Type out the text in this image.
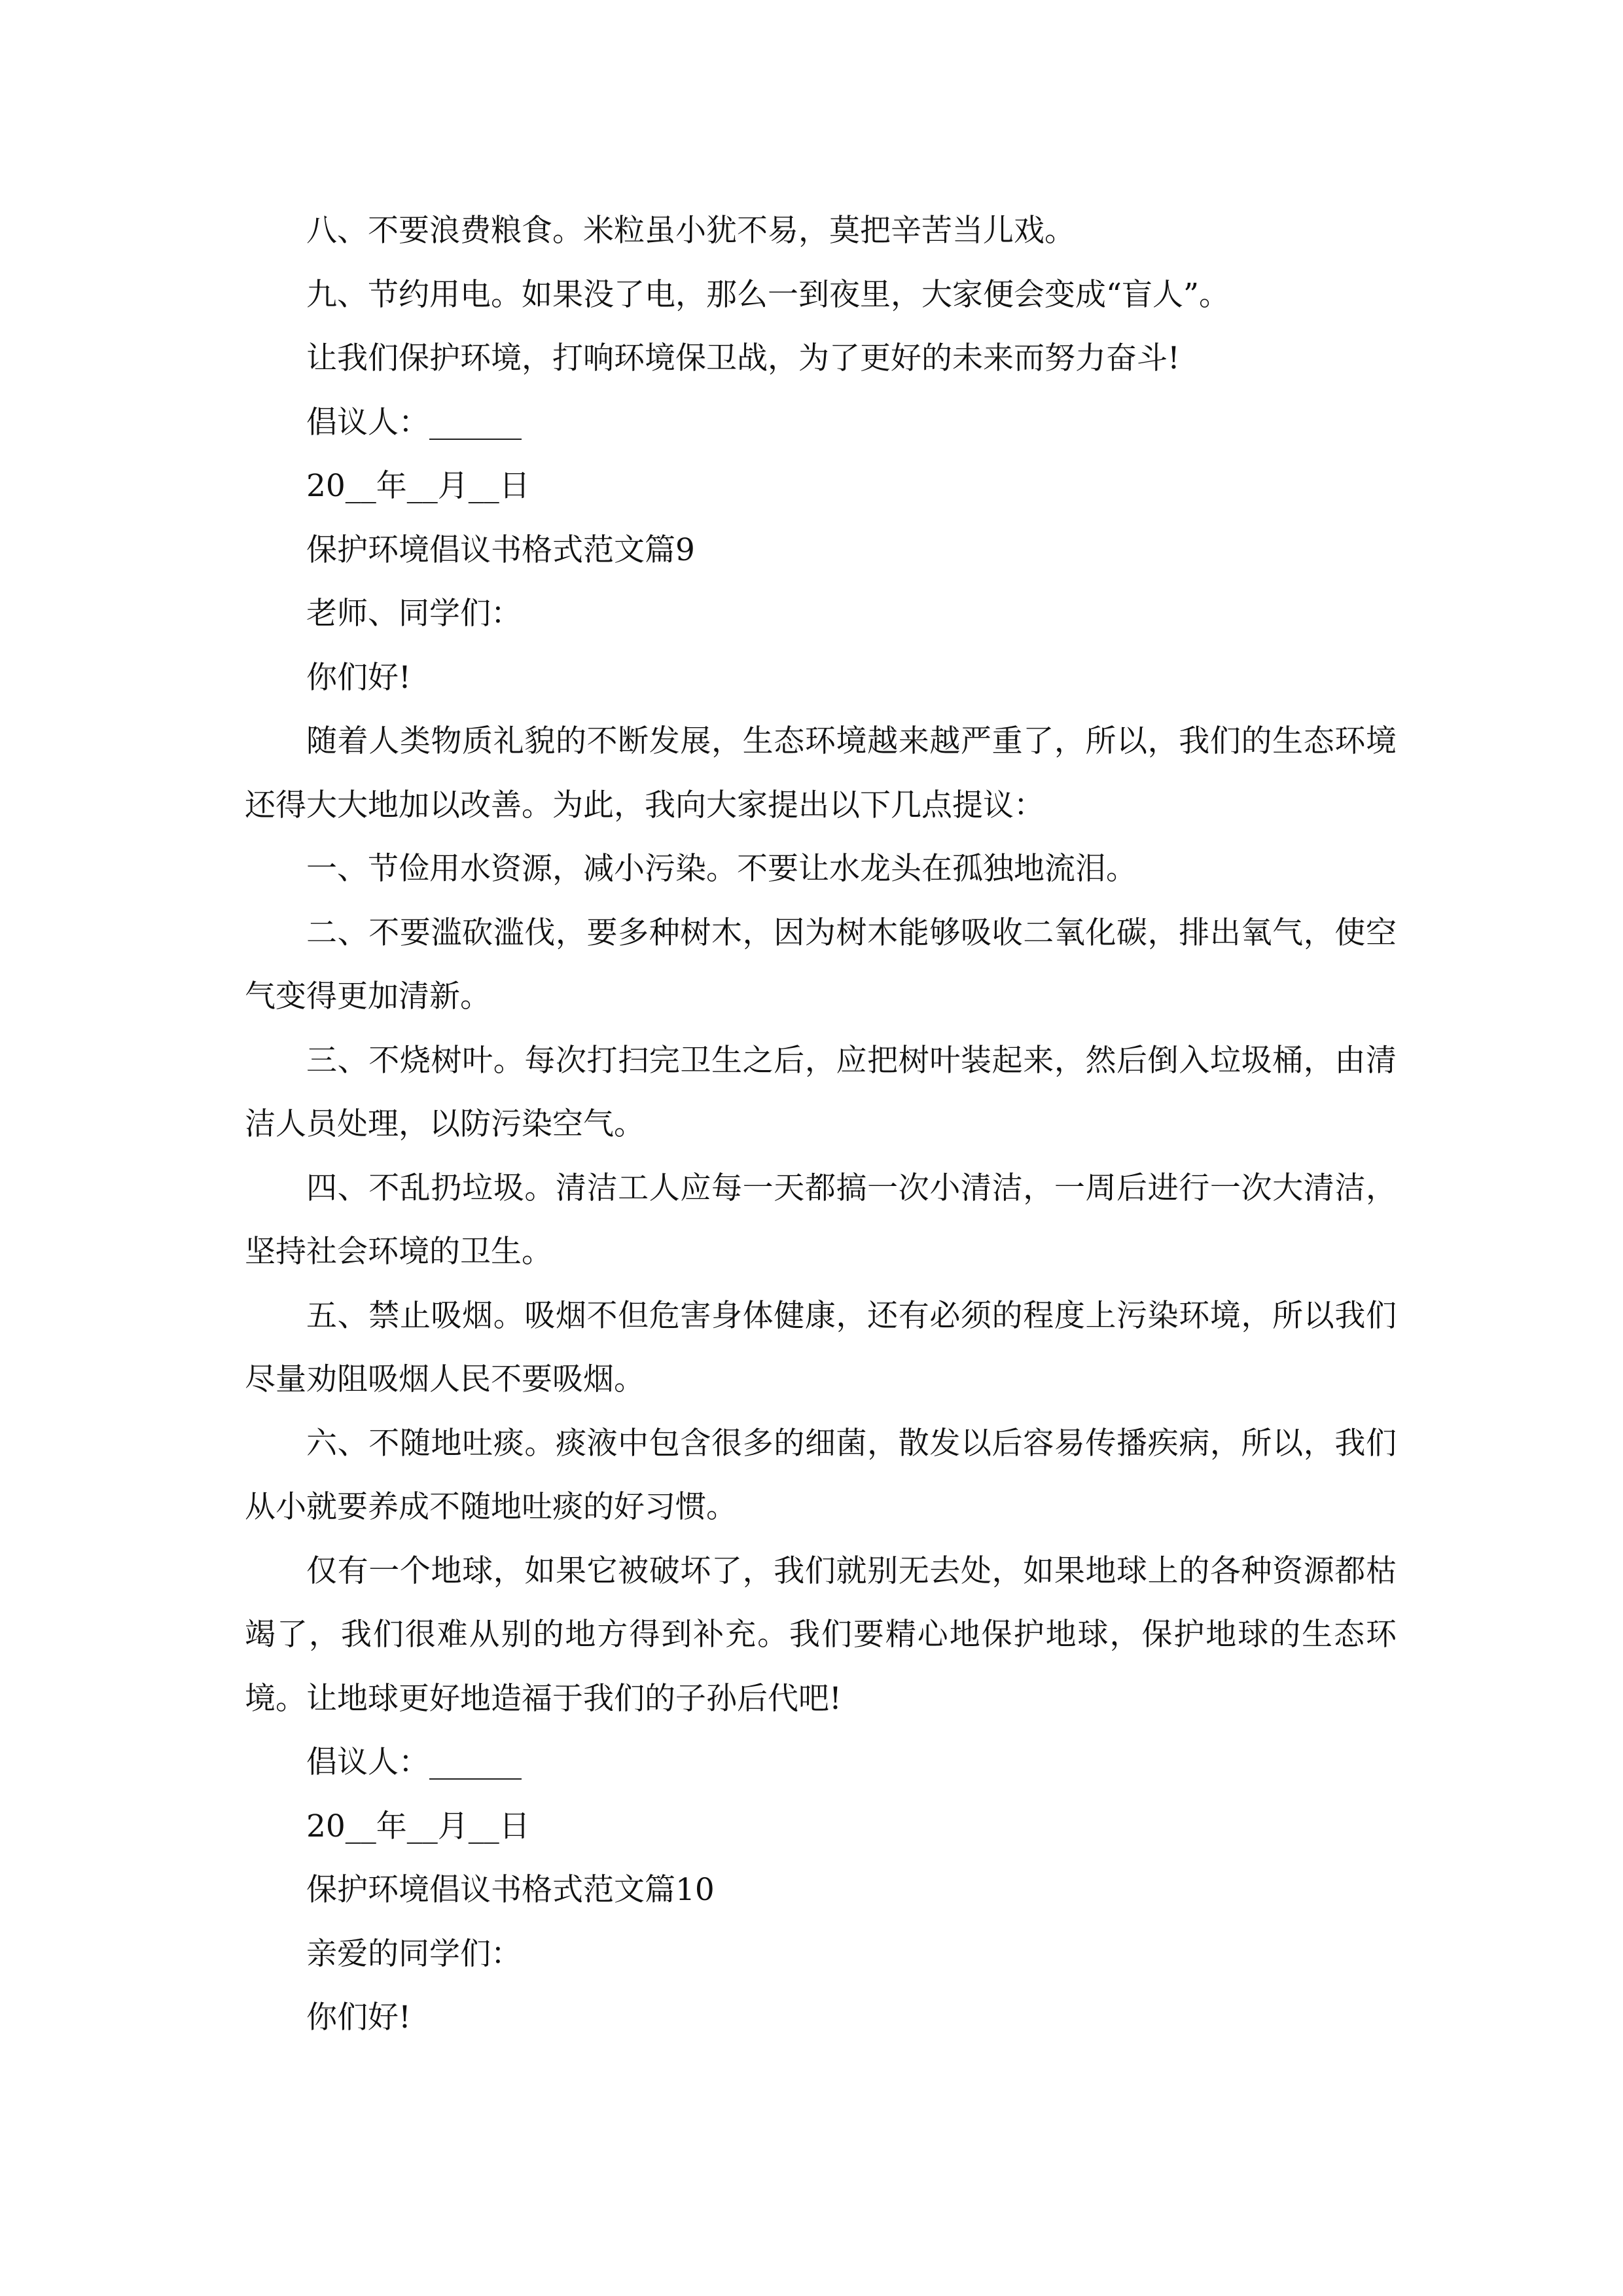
八、不要浪费粮食。米粒虽小犹不易，莫把辛苦当儿戏。

九、节约用电。如果没了电，那么一到夜里，大家便会变成“盲人”。

让我们保护环境，打响环境保卫战，为了更好的未来而努力奋斗!

倡议人：______

20__年__月__日

保护环境倡议书格式范文篇9

老师、同学们：

你们好!

随着人类物质礼貌的不断发展，生态环境越来越严重了，所以，我们的生态环境还得大大地加以改善。为此，我向大家提出以下几点提议：

一、节俭用水资源，减小污染。不要让水龙头在孤独地流泪。

二、不要滥砍滥伐，要多种树木，因为树木能够吸收二氧化碳，排出氧气，使空气变得更加清新。

三、不烧树叶。每次打扫完卫生之后，应把树叶装起来，然后倒入垃圾桶，由清洁人员处理，以防污染空气。

四、不乱扔垃圾。清洁工人应每一天都搞一次小清洁，一周后进行一次大清洁，坚持社会环境的卫生。

五、禁止吸烟。吸烟不但危害身体健康，还有必须的程度上污染环境，所以我们尽量劝阻吸烟人民不要吸烟。

六、不随地吐痰。痰液中包含很多的细菌，散发以后容易传播疾病，所以，我们从小就要养成不随地吐痰的好习惯。

仅有一个地球，如果它被破坏了，我们就别无去处，如果地球上的各种资源都枯竭了，我们很难从别的地方得到补充。我们要精心地保护地球，保护地球的生态环境。让地球更好地造福于我们的子孙后代吧!

倡议人：______

20__年__月__日

保护环境倡议书格式范文篇10

亲爱的同学们：

你们好!
